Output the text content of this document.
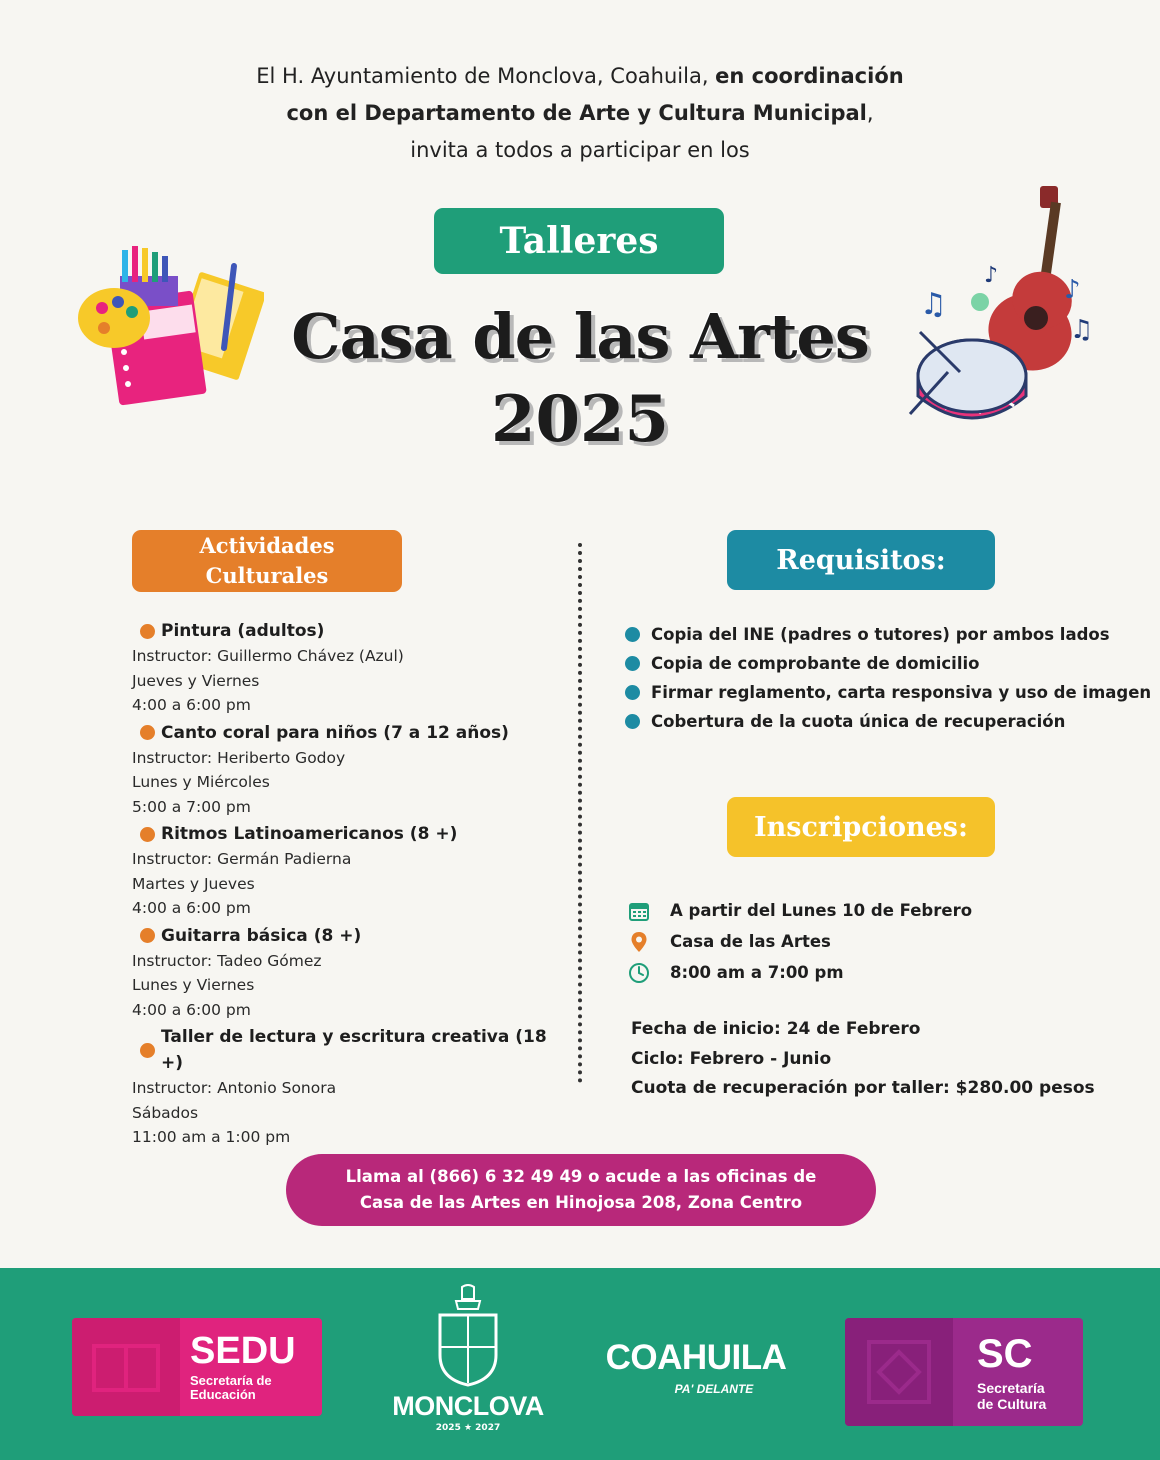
El H. Ayuntamiento de Monclova, Coahuila, en coordinación
con el Departamento de Arte y Cultura Municipal,
invita a todos a participar en los
Talleres
♫
♪	♪
♫
Casa de las Artes
2025
Actividades
Culturales
Pintura (adultos)
Instructor: Guillermo Chávez (Azul)
Jueves y Viernes
4:00 a 6:00 pm
Canto coral para niños (7 a 12 años)
Instructor: Heriberto Godoy
Lunes y Miércoles
5:00 a 7:00 pm
Ritmos Latinoamericanos (8 +)
Instructor: Germán Padierna
Martes y Jueves
4:00 a 6:00 pm
Guitarra básica (8 +)
Instructor: Tadeo Gómez
Lunes y Viernes
4:00 a 6:00 pm
Taller de lectura y escritura creativa (18 +)
Instructor: Antonio Sonora
Sábados
11:00 am a 1:00 pm
Requisitos:
Copia del INE (padres o tutores) por ambos lados
Copia de comprobante de domicilio
Firmar reglamento, carta responsiva y uso de imagen
Cobertura de la cuota única de recuperación
Inscripciones:
A partir del Lunes 10 de Febrero
Casa de las Artes
8:00 am a 7:00 pm
Fecha de inicio: 24 de Febrero
Ciclo: Febrero - Junio
Cuota de recuperación por taller: $280.00 pesos
Llama al (866) 6 32 49 49 o acude a las oficinas de
Casa de las Artes en Hinojosa 208, Zona Centro
SEDU
Secretaría de
Educación	MONCLOVA
2025 ★ 2027
COAHUILA
PA' DELANTE
SC
Secretaría
de Cultura
